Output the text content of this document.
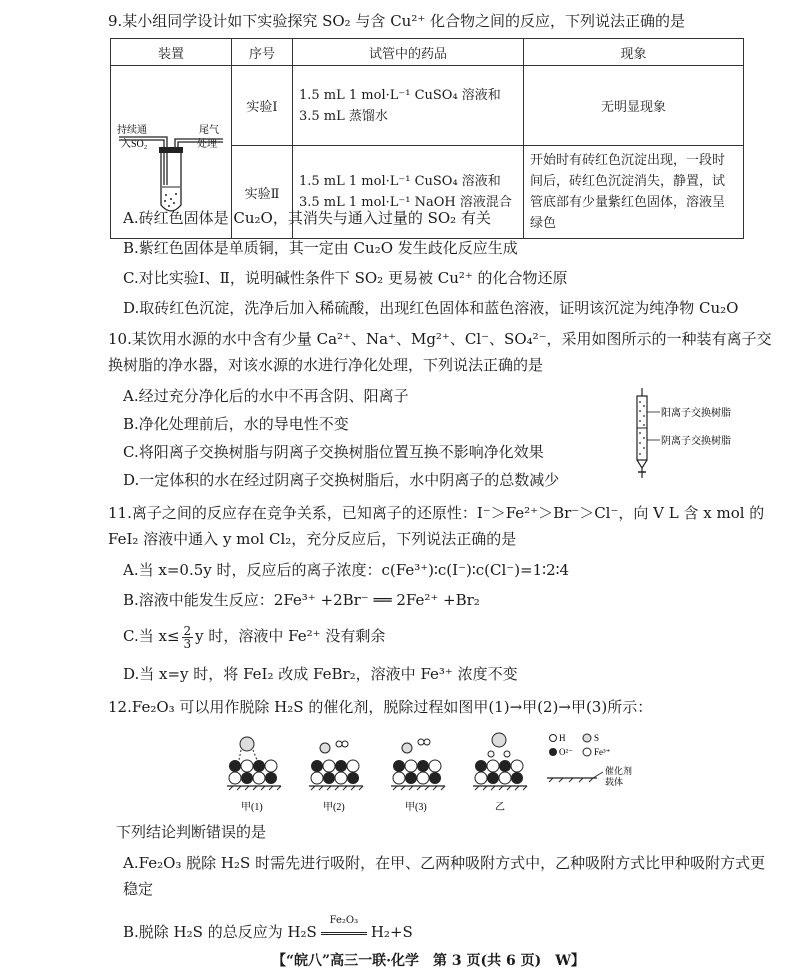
9.某小组同学设计如下实验探究 SO₂ 与含 Cu²⁺ 化合物之间的反应，下列说法正确的是
装置	序号	试管中的药品	现象

持续通
入SO₂
尾气
处理	实验Ⅰ	1.5 mL 1 mol·L⁻¹ CuSO₄ 溶液和 3.5 mL 蒸馏水	无明显现象
	实验Ⅱ	1.5 mL 1 mol·L⁻¹ CuSO₄ 溶液和 3.5 mL 1 mol·L⁻¹ NaOH 溶液混合	开始时有砖红色沉淀出现，一段时间后，砖红色沉淀消失，静置，试管底部有少量紫红色固体，溶液呈绿色
A.砖红色固体是 Cu₂O，其消失与通入过量的 SO₂ 有关
B.紫红色固体是单质铜，其一定由 Cu₂O 发生歧化反应生成
C.对比实验Ⅰ、Ⅱ，说明碱性条件下 SO₂ 更易被 Cu²⁺ 的化合物还原
D.取砖红色沉淀，洗净后加入稀硫酸，出现红色固体和蓝色溶液，证明该沉淀为纯净物 Cu₂O
10.某饮用水源的水中含有少量 Ca²⁺、Na⁺、Mg²⁺、Cl⁻、SO₄²⁻，采用如图所示的一种装有离子交换树脂的净水器，对该水源的水进行净化处理，下列说法正确的是
A.经过充分净化后的水中不再含阴、阳离子
B.净化处理前后，水的导电性不变
C.将阳离子交换树脂与阴离子交换树脂位置互换不影响净化效果
D.一定体积的水在经过阴离子交换树脂后，水中阴离子的总数减少
阳离子交换树脂
阴离子交换树脂
11.离子之间的反应存在竞争关系，已知离子的还原性：I⁻＞Fe²⁺＞Br⁻＞Cl⁻，向 V L 含 x mol 的 FeI₂ 溶液中通入 y mol Cl₂，充分反应后，下列说法正确的是
A.当 x=0.5y 时，反应后的离子浓度：c(Fe³⁺)∶c(I⁻)∶c(Cl⁻)=1∶2∶4
B.溶液中能发生反应：2Fe³⁺ +2Br⁻ ══ 2Fe²⁺ +Br₂
C.当 $x\le \frac{2}{3}$ y 时，溶液中 Fe²⁺ 没有剩余
D.当 x=y 时，将 FeI₂ 改成 FeBr₂，溶液中 Fe³⁺ 浓度不变
12.Fe₂O₃ 可以用作脱除 H₂S 的催化剂，脱除过程如图甲(1)→甲(2)→甲(3)所示：
甲(1)	甲(2)	甲(3)	乙
H	S
O²⁻ Fe³⁺
催化剂
载体
下列结论判断错误的是
A.Fe₂O₃ 脱除 H₂S 时需先进行吸附，在甲、乙两种吸附方式中，乙种吸附方式比甲种吸附方式更稳定
B.脱除 H₂S 的总反应为 H₂S
Fe₂O₃
H₂+S
【“皖八”高三一联·化学　第 3 页(共 6 页)　W】
